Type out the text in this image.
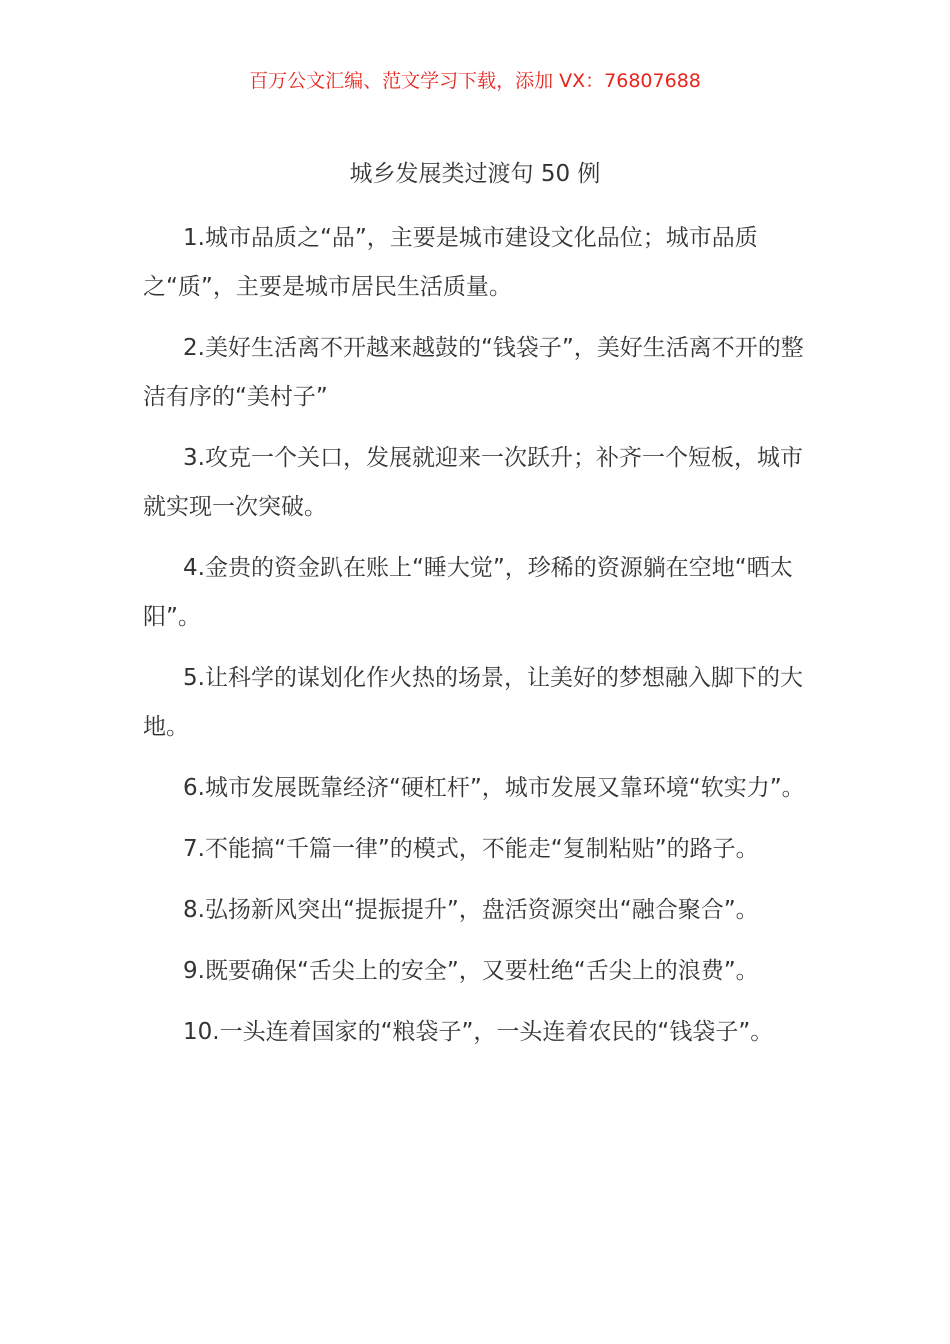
百万公文汇编、范文学习下载，添加 VX：76807688
城乡发展类过渡句 50 例

1.城市品质之“品”，主要是城市建设文化品位；城市品质之“质”，主要是城市居民生活质量。

2.美好生活离不开越来越鼓的“钱袋子”，美好生活离不开的整洁有序的“美村子”

3.攻克一个关口，发展就迎来一次跃升；补齐一个短板，城市就实现一次突破。

4.金贵的资金趴在账上“睡大觉”，珍稀的资源躺在空地“晒太阳”。

5.让科学的谋划化作火热的场景，让美好的梦想融入脚下的大地。

6.城市发展既靠经济“硬杠杆”，城市发展又靠环境“软实力”。

7.不能搞“千篇一律”的模式，不能走“复制粘贴”的路子。

8.弘扬新风突出“提振提升”，盘活资源突出“融合聚合”。

9.既要确保“舌尖上的安全”，又要杜绝“舌尖上的浪费”。

10.一头连着国家的“粮袋子”，一头连着农民的“钱袋子”。
